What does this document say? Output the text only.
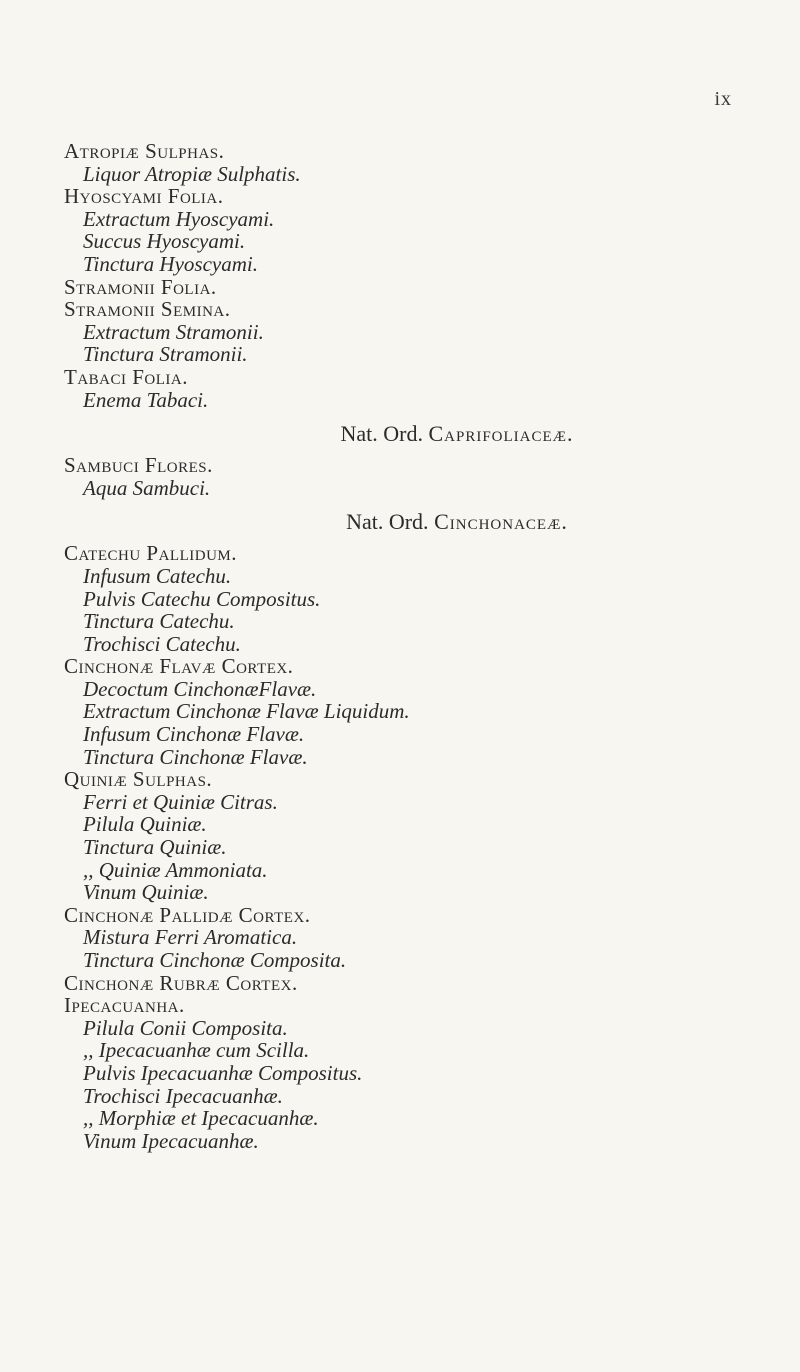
ix
Atropiæ Sulphas.
Liquor Atropiæ Sulphatis.
Hyoscyami Folia.
Extractum Hyoscyami.
Succus Hyoscyami.
Tinctura Hyoscyami.
Stramonii Folia.
Stramonii Semina.
Extractum Stramonii.
Tinctura Stramonii.
Tabaci Folia.
Enema Tabaci.
Nat. Ord. Caprifoliaceæ.
Sambuci Flores.
Aqua Sambuci.
Nat. Ord. Cinchonaceæ.
Catechu Pallidum.
Infusum Catechu.
Pulvis Catechu Compositus.
Tinctura Catechu.
Trochisci Catechu.
Cinchonæ Flavæ Cortex.
Decoctum CinchonæFlavæ.
Extractum Cinchonæ Flavæ Liquidum.
Infusum Cinchonæ Flavæ.
Tinctura Cinchonæ Flavæ.
Quiniæ Sulphas.
Ferri et Quiniæ Citras.
Pilula Quiniæ.
Tinctura Quiniæ.
,, Quiniæ Ammoniata.
Vinum Quiniæ.
Cinchonæ Pallidæ Cortex.
Mistura Ferri Aromatica.
Tinctura Cinchonæ Composita.
Cinchonæ Rubræ Cortex.
Ipecacuanha.
Pilula Conii Composita.
,, Ipecacuanhæ cum Scilla.
Pulvis Ipecacuanhæ Compositus.
Trochisci Ipecacuanhæ.
,, Morphiæ et Ipecacuanhæ.
Vinum Ipecacuanhæ.
